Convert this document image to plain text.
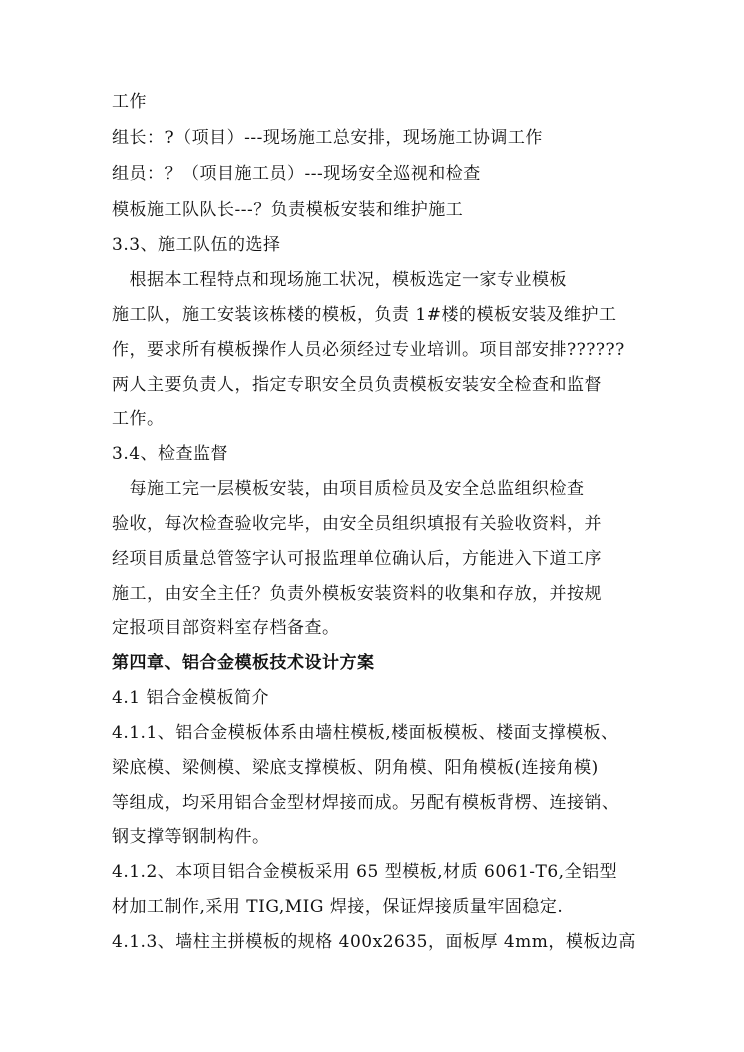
工作
组长：?（项目）---现场施工总安排，现场施工协调工作
组员：？（项目施工员）---现场安全巡视和检查
模板施工队队长---？负责模板安装和维护施工
3.3、施工队伍的选择
　根据本工程特点和现场施工状况，模板选定一家专业模板
施工队，施工安装该栋楼的模板，负责 1#楼的模板安装及维护工
作，要求所有模板操作人员必须经过专业培训。项目部安排??????
两人主要负责人，指定专职安全员负责模板安装安全检查和监督
工作。
3.4、检查监督
　每施工完一层模板安装，由项目质检员及安全总监组织检查
验收，每次检查验收完毕，由安全员组织填报有关验收资料，并
经项目质量总管签字认可报监理单位确认后，方能进入下道工序
施工，由安全主任？负责外模板安装资料的收集和存放，并按规
定报项目部资料室存档备查。
第四章、铝合金模板技术设计方案
4.1 铝合金模板简介
4.1.1、铝合金模板体系由墙柱模板,楼面板模板、楼面支撑模板、
梁底模、梁侧模、梁底支撑模板、阴角模、阳角模板(连接角模)
等组成，均采用铝合金型材焊接而成。另配有模板背楞、连接销、
钢支撑等钢制构件。
4.1.2、本项目铝合金模板采用 65 型模板,材质 6061-T6,全铝型
材加工制作,采用 TIG,MIG 焊接，保证焊接质量牢固稳定.
4.1.3、墙柱主拼模板的规格 400x2635，面板厚 4mm，模板边高
